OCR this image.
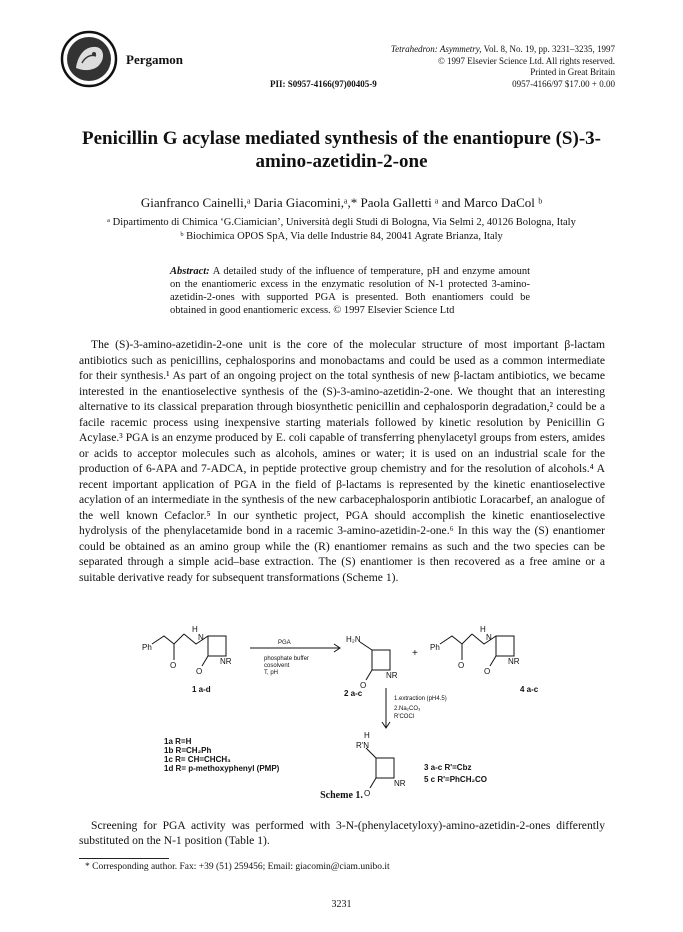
Pergamon
Tetrahedron: Asymmetry, Vol. 8, No. 19, pp. 3231–3235, 1997
© 1997 Elsevier Science Ltd. All rights reserved.
Printed in Great Britain
0957-4166/97 $17.00 + 0.00
PII: S0957-4166(97)00405-9
Penicillin G acylase mediated synthesis of the enantiopure (S)-3-
amino-azetidin-2-one
Gianfranco Cainelli,ᵃ Daria Giacomini,ᵃ,* Paola Galletti ᵃ and Marco DaCol ᵇ
ᵃ Dipartimento di Chimica ‘G.Ciamician’, Università degli Studi di Bologna, Via Selmi 2, 40126 Bologna, Italy
ᵇ Biochimica OPOS SpA, Via delle Industrie 84, 20041 Agrate Brianza, Italy
Abstract: A detailed study of the influence of temperature, pH and enzyme amount on the enantiomeric excess in the enzymatic resolution of N-1 protected 3-amino-azetidin-2-ones with supported PGA is presented. Both enantiomers could be obtained in good enantiomeric excess. © 1997 Elsevier Science Ltd

The (S)-3-amino-azetidin-2-one unit is the core of the molecular structure of most important β-lactam antibiotics such as penicillins, cephalosporins and monobactams and could be used as a common intermediate for their synthesis.¹ As part of an ongoing project on the total synthesis of new β-lactam antibiotics, we became interested in the enantioselective synthesis of the (S)-3-amino-azetidin-2-one. We thought that an interesting alternative to its classical preparation through biosynthetic penicillin and cephalosporin degradation,² could be a facile racemic process using inexpensive starting materials followed by kinetic resolution by Penicillin G Acylase.³ PGA is an enzyme produced by E. coli capable of transferring phenylacetyl groups from esters, amides or acids to acceptor molecules such as alcohols, amines or water; it is used on an industrial scale for the production of 6-APA and 7-ADCA, in peptide protective group chemistry and for the resolution of alcohols.⁴ A recent important application of PGA in the field of β-lactams is represented by the kinetic enantioselective acylation of an intermediate in the synthesis of the new carbacephalosporin antibiotic Loracarbef, an analogue of the well known Cefaclor.⁵ In our synthetic project, PGA should accomplish the kinetic enantioselective hydrolysis of the phenylacetamide bond in a racemic 3-amino-azetidin-2-one.⁶ In this way the (S) enantiomer could be obtained as an amino group while the (R) enantiomer remains as such and the two species can be separated through a simple acid–base extraction. The (S) enantiomer is then recovered as a free amine or a suitable derivative ready for subsequent transformations (Scheme 1).

Ph
H
N
O	NR
O
1 a-d
PGA
phosphate buffer
cosolvent
T, pH
H₂N
NR
O
2 a-c
+
Ph
H
N
O	NR
O
4 a-c
1.extraction (pH4.5)
2.Na₂CO₃
R'COCl
1a R=H
1b R=CH₂Ph
1c R= CH=CHCH₃
1d R= p-methoxyphenyl (PMP)
H
R'N
NR
O
3 a-c R'=Cbz
5 c R'=PhCH₂CO
Scheme 1.

Screening for PGA activity was performed with 3-N-(phenylacetyloxy)-amino-azetidin-2-ones differently substituted on the N-1 position (Table 1).

* Corresponding author. Fax: +39 (51) 259456; Email: giacomin@ciam.unibo.it
3231
